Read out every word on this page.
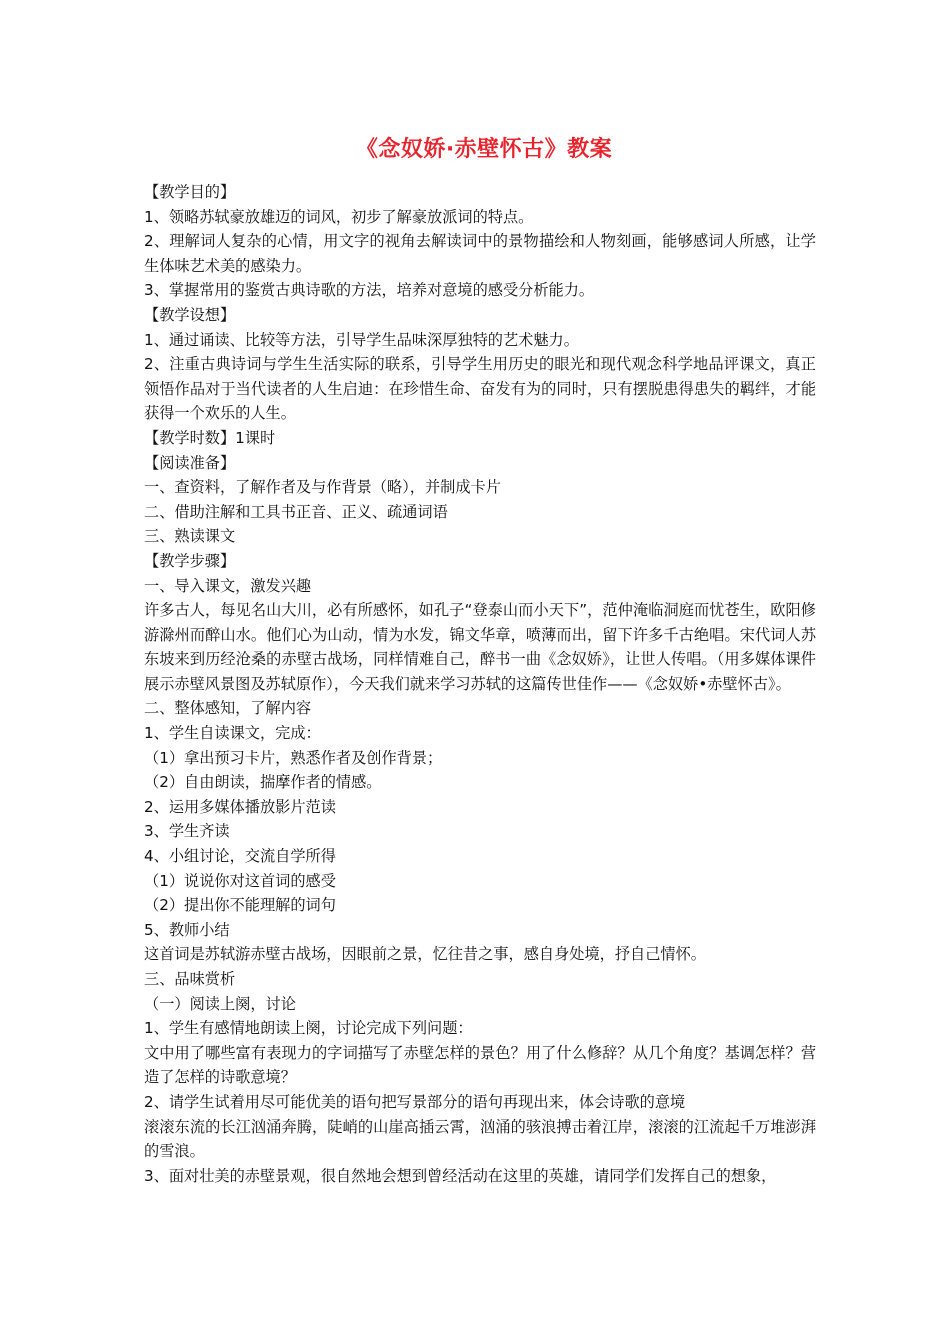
《念奴娇·赤壁怀古》教案

【教学目的】

1、领略苏轼豪放雄迈的词风，初步了解豪放派词的特点。

2、理解词人复杂的心情，用文字的视角去解读词中的景物描绘和人物刻画，能够感词人所感，让学生体味艺术美的感染力。

3、掌握常用的鉴赏古典诗歌的方法，培养对意境的感受分析能力。

【教学设想】

1、通过诵读、比较等方法，引导学生品味深厚独特的艺术魅力。

2、注重古典诗词与学生生活实际的联系，引导学生用历史的眼光和现代观念科学地品评课文，真正领悟作品对于当代读者的人生启迪：在珍惜生命、奋发有为的同时，只有摆脱患得患失的羁绊，才能获得一个欢乐的人生。

【教学时数】1课时

【阅读准备】

一、查资料，了解作者及与作背景（略），并制成卡片

二、借助注解和工具书正音、正义、疏通词语

三、熟读课文

【教学步骤】

一、导入课文，激发兴趣

许多古人，每见名山大川，必有所感怀，如孔子“登泰山而小天下”，范仲淹临洞庭而忧苍生，欧阳修游滁州而醉山水。他们心为山动，情为水发，锦文华章，喷薄而出，留下许多千古绝唱。宋代词人苏东坡来到历经沧桑的赤壁古战场，同样情难自己，醉书一曲《念奴娇》，让世人传唱。（用多媒体课件展示赤壁风景图及苏轼原作），今天我们就来学习苏轼的这篇传世佳作——《念奴娇•赤壁怀古》。

二、整体感知，了解内容

1、学生自读课文，完成：

（1）拿出预习卡片，熟悉作者及创作背景；

（2）自由朗读，揣摩作者的情感。

2、运用多媒体播放影片范读

3、学生齐读

4、小组讨论，交流自学所得

（1）说说你对这首词的感受

（2）提出你不能理解的词句

5、教师小结

这首词是苏轼游赤壁古战场，因眼前之景，忆往昔之事，感自身处境，抒自己情怀。

三、品味赏析

（一）阅读上阕，讨论

1、学生有感情地朗读上阕，讨论完成下列问题：

文中用了哪些富有表现力的字词描写了赤壁怎样的景色？用了什么修辞？从几个角度？基调怎样？营造了怎样的诗歌意境？

2、请学生试着用尽可能优美的语句把写景部分的语句再现出来，体会诗歌的意境

滚滚东流的长江汹涌奔腾，陡峭的山崖高插云霄，汹涌的骇浪搏击着江岸，滚滚的江流起千万堆澎湃的雪浪。

3、面对壮美的赤壁景观，很自然地会想到曾经活动在这里的英雄，请同学们发挥自己的想象，
